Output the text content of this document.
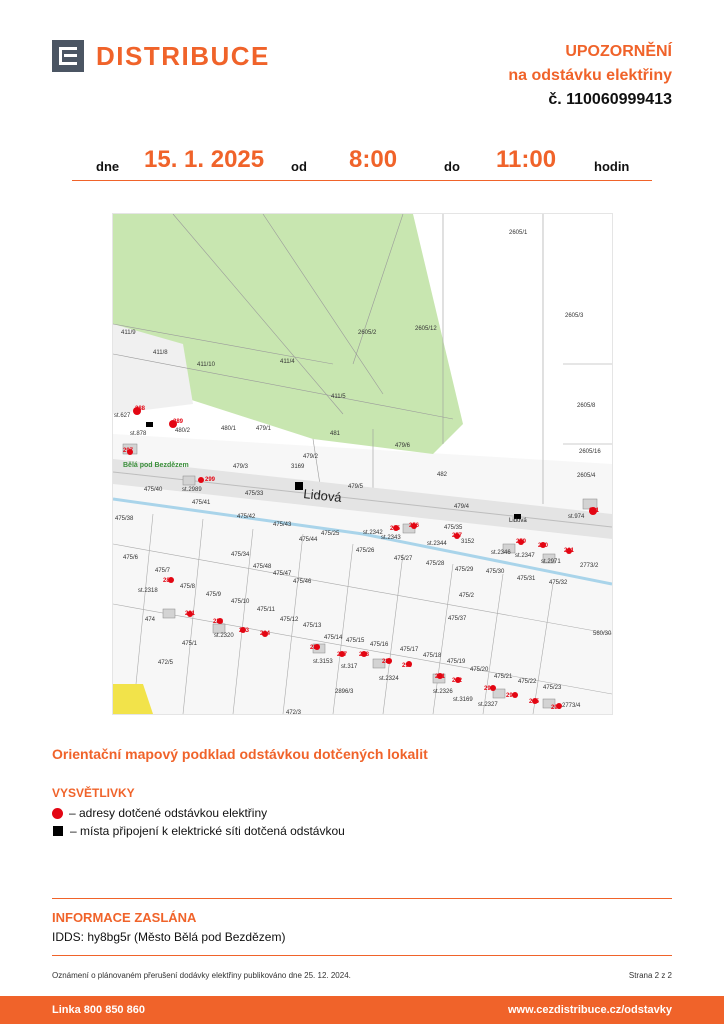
DISTRIBUCE	UPOZORNĚNÍ
na odstávku elektřiny
č. 110060999413
dne 15. 1. 2025 od 8:00	do 11:00	hodin
2605/1
2605/3
2605/2
2605/12
2605/8
2605/16
2605/4
411/9
411/8
411/10	411/4
411/5
480/1	479/1
481
479/6
479/2
479/3	3169
482
479/5
479/4
st.627
st.878	480/2
475/40	st.2989
475/41
475/33
475/42
475/43
475/44
475/25
475/38
475/26
475/27
475/28
475/29 475/30
475/31
475/32
475/35
3152
st.2342
st.2343
st.2344
st.2346 st.2347
st.2971
st.974
2773/2
475/6
475/7
475/8
475/34
475/48
475/47
475/46
475/9
475/10
475/11
475/12
475/13
475/14 475/15
475/16
475/17
475/18
475/19
475/20
475/21
475/22
475/23
475/37
475/2
474
475/1
472/5
2896/3
472/3
st.2318
st.2320
st.3153
st.317
st.2324
st.2326
st.3169
st.2327	2773/4
560/30
Lidová
Lidová
Bělá pod Bezdězem
288
289
297
299
255 256
257
259
260
261
291
280
281
282
283 284
286
287 288
289
290
291
292
293
294
295
296
Orientační mapový podklad odstávkou dotčených lokalit
VYSVĚTLIVKY
– adresy dotčené odstávkou elektřiny
– místa připojení k elektrické síti dotčená odstávkou
INFORMACE ZASLÁNA
IDDS: hy8bg5r (Město Bělá pod Bezdězem)
Oznámení o plánovaném přerušení dodávky elektřiny publikováno dne 25. 12. 2024.	Strana 2 z 2
Linka 800 850 860	www.cezdistribuce.cz/odstavky
